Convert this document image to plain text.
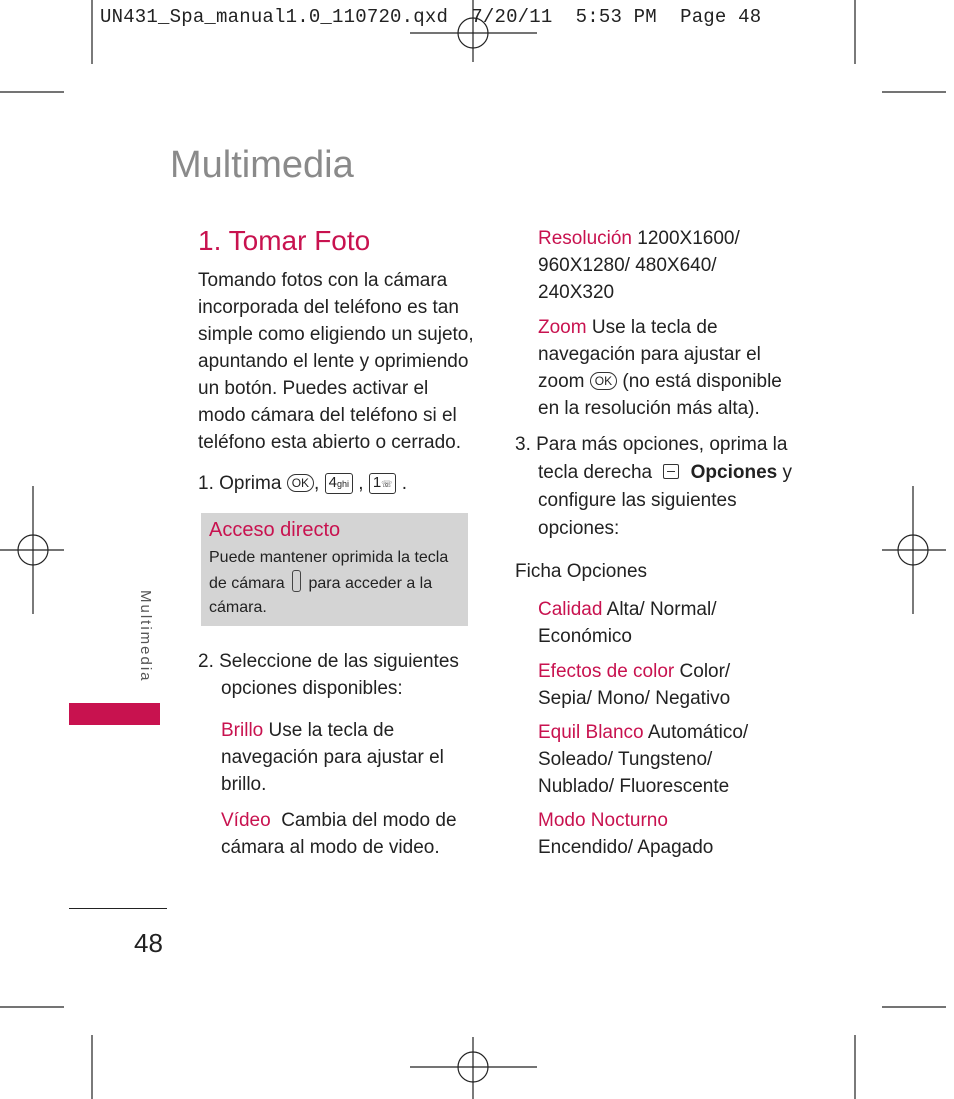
UN431_Spa_manual1.0_110720.qxd  7/20/11  5:53 PM  Page 48
Multimedia
1. Tomar Foto
Tomando fotos con la cámara
incorporada del teléfono es tan
simple como eligiendo un sujeto,
apuntando el lente y oprimiendo
un botón. Puedes activar el
modo cámara del teléfono si el
teléfono esta abierto o cerrado.
1. Oprima OK , 4ghi , 1☏ .
Acceso directo
Puede mantener oprimida la tecla
de cámara para acceder a la
cámara.
2. Seleccione de las siguientes
opciones disponibles:
Brillo Use la tecla de
navegación para ajustar el
brillo.
Vídeo  Cambia del modo de
cámara al modo de video.
Resolución 1200X1600/
960X1280/ 480X640/
240X320
Zoom Use la tecla de
navegación para ajustar el
zoom OK (no está disponible
en la resolución más alta).
3. Para más opciones, oprima la
tecla derecha Opciones y
configure las siguientes
opciones:
Ficha Opciones
Calidad Alta/ Normal/
Económico
Efectos de color Color/
Sepia/ Mono/ Negativo
Equil Blanco Automático/
Soleado/ Tungsteno/
Nublado/ Fluorescente
Modo Nocturno
Encendido/ Apagado
Multimedia
48
